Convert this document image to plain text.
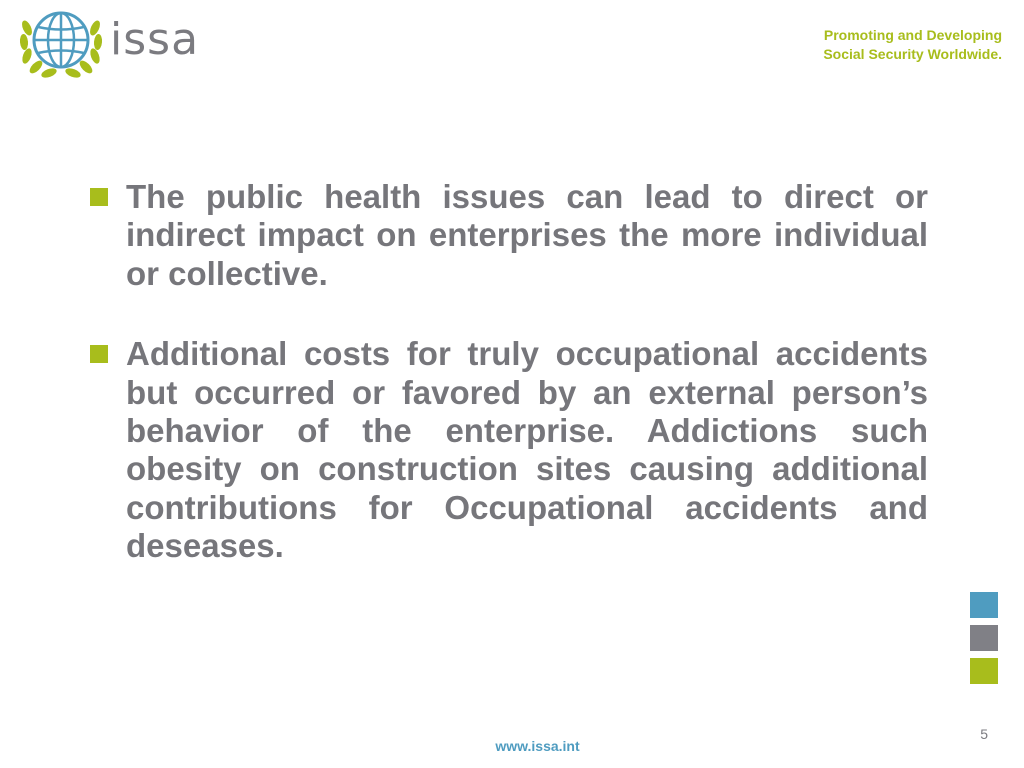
issa	Promoting and Developing
Social Security Worldwide.
The public health issues can lead to direct or indirect impact on enterprises the more individual or collective.
Additional costs for truly occupational accidents but occurred or favored by an external person’s behavior of the enterprise. Addictions such obesity on construction sites causing additional contributions for Occupational accidents and deseases.
5
www.issa.int
